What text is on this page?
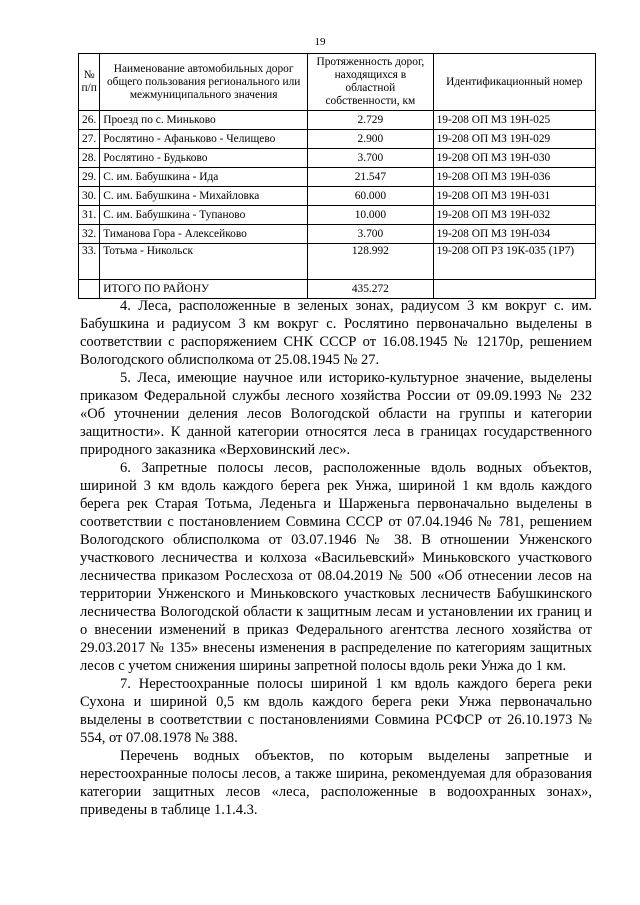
19
№
п/п	Наименование автомобильных дорог общего пользования регионального или межмуниципального значения	Протяженность дорог, находящихся в областной собственности, км	Идентификационный номер
26.	Проезд по с. Миньково	2.729	19-208 ОП МЗ 19Н-025
27.	Рослятино - Афаньково - Челищево	2.900	19-208 ОП МЗ 19Н-029
28.	Рослятино - Будьково	3.700	19-208 ОП МЗ 19Н-030
29.	С. им. Бабушкина - Ида	21.547	19-208 ОП МЗ 19Н-036
30.	С. им. Бабушкина - Михайловка	60.000	19-208 ОП МЗ 19Н-031
31.	С. им. Бабушкина - Тупаново	10.000	19-208 ОП МЗ 19Н-032
32.	Тиманова Гора - Алексейково	3.700	19-208 ОП МЗ 19Н-034
33.	Тотьма - Никольск	128.992	19-208 ОП РЗ 19К-035 (1Р7)
	ИТОГО ПО РАЙОНУ	435.272	

4. Леса, расположенные в зеленых зонах, радиусом 3 км вокруг с. им. Бабушкина и радиусом 3 км вокруг с. Рослятино первоначально выделены в соответствии с распоряжением СНК СССР от 16.08.1945 № 12170р, решением Вологодского облисполкома от 25.08.1945 № 27.

5. Леса, имеющие научное или историко-культурное значение, выделены приказом Федеральной службы лесного хозяйства России от 09.09.1993 № 232 «Об уточнении деления лесов Вологодской области на группы и категории защитности». К данной категории относятся леса в границах государственного природного заказника «Верховинский лес».

6. Запретные полосы лесов, расположенные вдоль водных объектов, шириной 3 км вдоль каждого берега рек Унжа, шириной 1 км вдоль каждого берега рек Старая Тотьма, Леденьга и Шарженьга первоначально выделены в соответствии с постановлением Совмина СССР от 07.04.1946 № 781, решением Вологодского облисполкома от 03.07.1946 № 38. В отношении Унженского участкового лесничества и колхоза «Васильевский» Миньковского участкового лесничества приказом Рослесхоза от 08.04.2019 № 500 «Об отнесении лесов на территории Унженского и Миньковского участковых лесничеств Бабушкинского лесничества Вологодской области к защитным лесам и установлении их границ и о внесении изменений в приказ Федерального агентства лесного хозяйства от 29.03.2017 № 135» внесены изменения в распределение по категориям защитных лесов с учетом снижения ширины запретной полосы вдоль реки Унжа до 1 км.

7. Нерестоохранные полосы шириной 1 км вдоль каждого берега реки Сухона и шириной 0,5 км вдоль каждого берега реки Унжа первоначально выделены в соответствии с постановлениями Совмина РСФСР от 26.10.1973 № 554, от 07.08.1978 № 388.

Перечень водных объектов, по которым выделены запретные и нерестоохранные полосы лесов, а также ширина, рекомендуемая для образования категории защитных лесов «леса, расположенные в водоохранных зонах», приведены в таблице 1.1.4.3.
